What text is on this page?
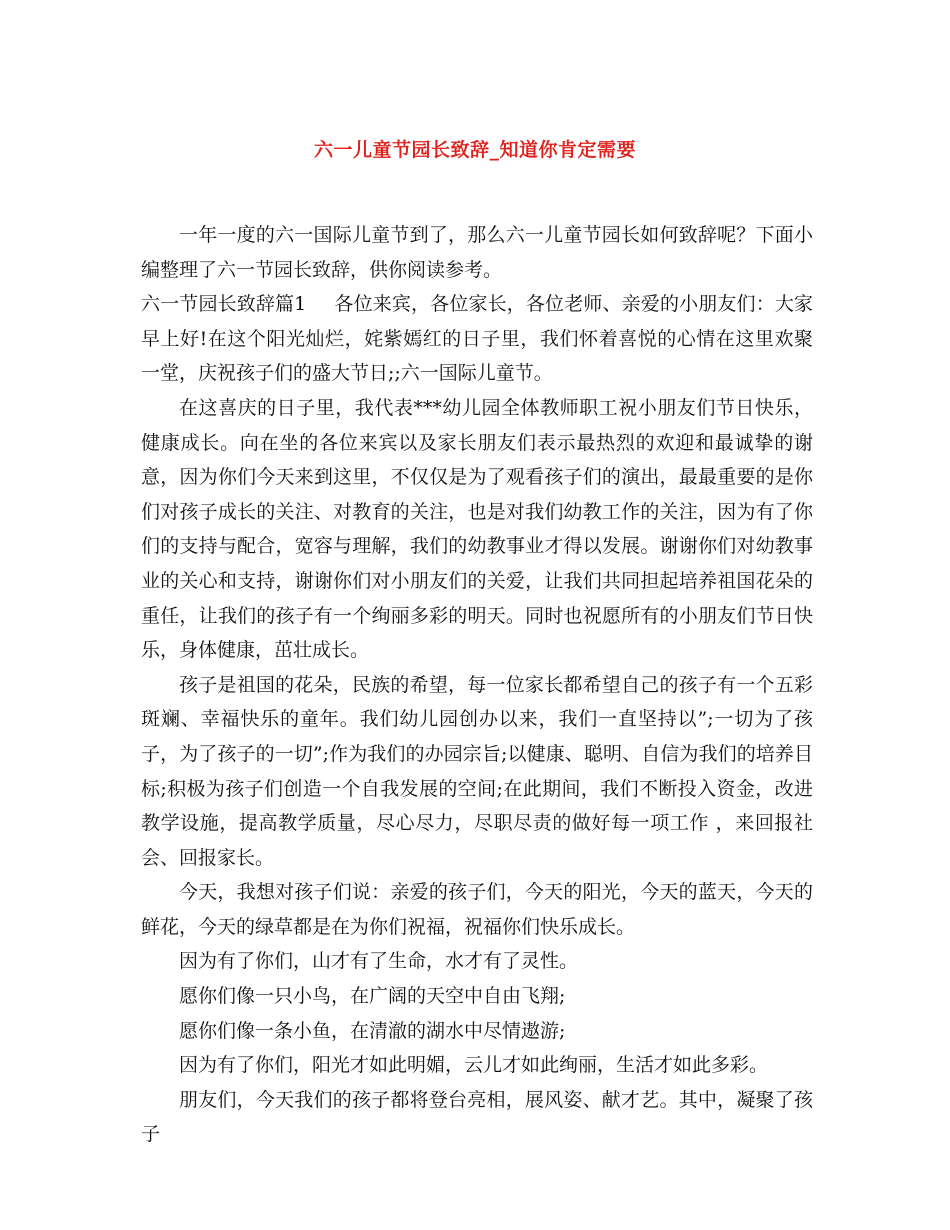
六一儿童节园长致辞_知道你肯定需要

一年一度的六一国际儿童节到了，那么六一儿童节园长如何致辞呢？下面小编整理了六一节园长致辞，供你阅读参考。

六一节园长致辞篇1 各位来宾，各位家长，各位老师、亲爱的小朋友们：大家早上好!在这个阳光灿烂，姹紫嫣红的日子里，我们怀着喜悦的心情在这里欢聚一堂，庆祝孩子们的盛大节日;;六一国际儿童节。

在这喜庆的日子里，我代表***幼儿园全体教师职工祝小朋友们节日快乐，健康成长。向在坐的各位来宾以及家长朋友们表示最热烈的欢迎和最诚挚的谢意，因为你们今天来到这里，不仅仅是为了观看孩子们的演出，最最重要的是你们对孩子成长的关注、对教育的关注，也是对我们幼教工作的关注，因为有了你们的支持与配合，宽容与理解，我们的幼教事业才得以发展。谢谢你们对幼教事业的关心和支持，谢谢你们对小朋友们的关爱，让我们共同担起培养祖国花朵的重任，让我们的孩子有一个绚丽多彩的明天。同时也祝愿所有的小朋友们节日快乐，身体健康，茁壮成长。

孩子是祖国的花朵，民族的希望，每一位家长都希望自己的孩子有一个五彩斑斓、幸福快乐的童年。我们幼儿园创办以来，我们一直坚持以”;一切为了孩子，为了孩子的一切”;作为我们的办园宗旨;以健康、聪明、自信为我们的培养目标;积极为孩子们创造一个自我发展的空间;在此期间，我们不断投入资金，改进教学设施，提高教学质量，尽心尽力，尽职尽责的做好每一项工作 ，来回报社会、回报家长。

今天，我想对孩子们说：亲爱的孩子们，今天的阳光，今天的蓝天，今天的鲜花，今天的绿草都是在为你们祝福，祝福你们快乐成长。

因为有了你们，山才有了生命，水才有了灵性。

愿你们像一只小鸟，在广阔的天空中自由飞翔;

愿你们像一条小鱼，在清澈的湖水中尽情遨游;

因为有了你们，阳光才如此明媚，云儿才如此绚丽，生活才如此多彩。

朋友们，今天我们的孩子都将登台亮相，展风姿、献才艺。其中，凝聚了孩子
